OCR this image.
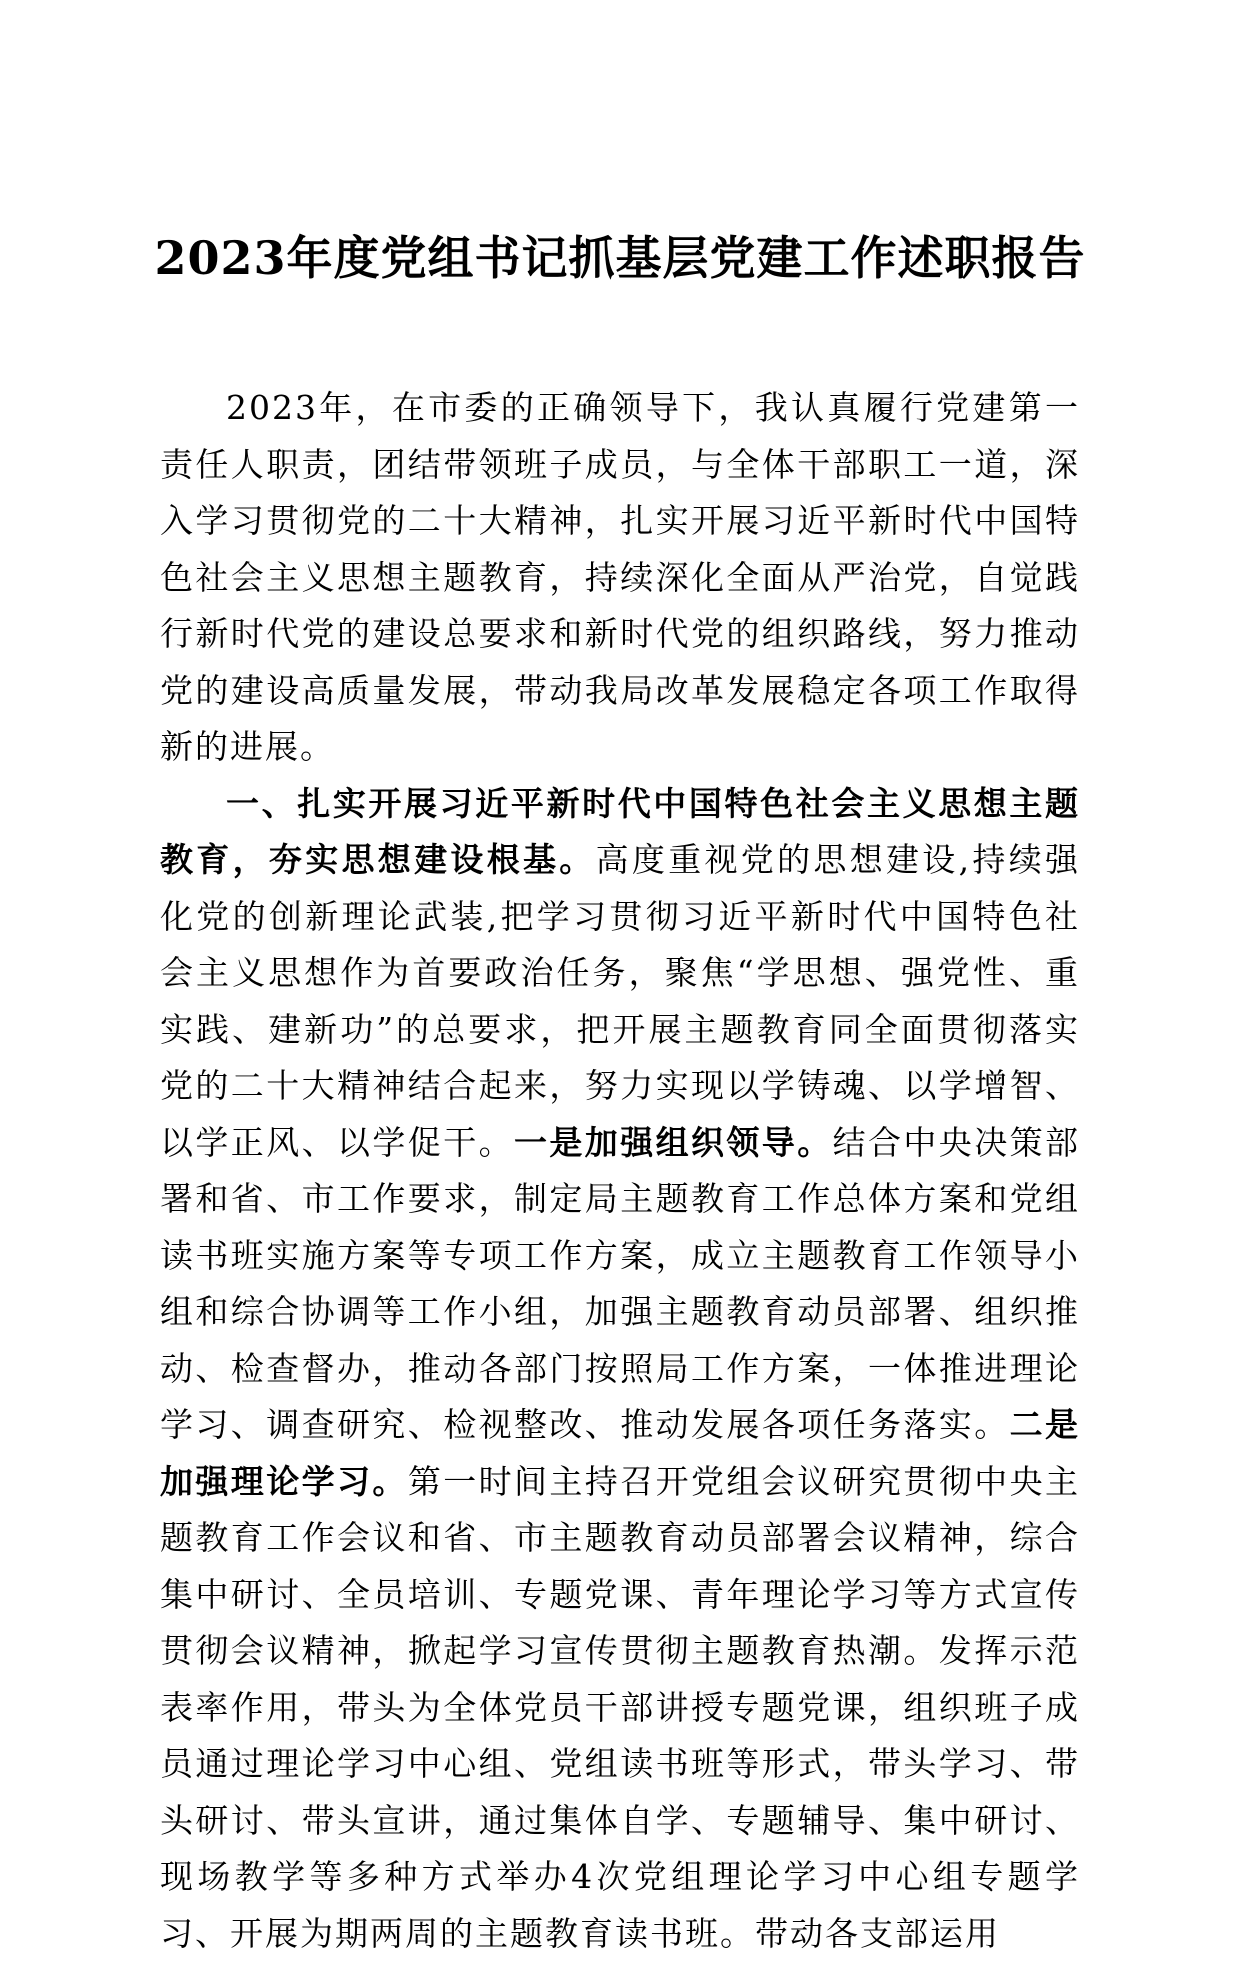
2023年度党组书记抓基层党建工作述职报告

2023年，在市委的正确领导下，我认真履行党建第一责任人职责，团结带领班子成员，与全体干部职工一道，深入学习贯彻党的二十大精神，扎实开展习近平新时代中国特色社会主义思想主题教育，持续深化全面从严治党，自觉践行新时代党的建设总要求和新时代党的组织路线，努力推动党的建设高质量发展，带动我局改革发展稳定各项工作取得新的进展。

一、扎实开展习近平新时代中国特色社会主义思想主题教育，夯实思想建设根基。高度重视党的思想建设,持续强化党的创新理论武装,把学习贯彻习近平新时代中国特色社会主义思想作为首要政治任务，聚焦“学思想、强党性、重实践、建新功”的总要求，把开展主题教育同全面贯彻落实党的二十大精神结合起来，努力实现以学铸魂、以学增智、以学正风、以学促干。一是加强组织领导。结合中央决策部署和省、市工作要求，制定局主题教育工作总体方案和党组读书班实施方案等专项工作方案，成立主题教育工作领导小组和综合协调等工作小组，加强主题教育动员部署、组织推动、检查督办，推动各部门按照局工作方案，一体推进理论学习、调查研究、检视整改、推动发展各项任务落实。二是加强理论学习。第一时间主持召开党组会议研究贯彻中央主题教育工作会议和省、市主题教育动员部署会议精神，综合集中研讨、全员培训、专题党课、青年理论学习等方式宣传贯彻会议精神，掀起学习宣传贯彻主题教育热潮。发挥示范表率作用，带头为全体党员干部讲授专题党课，组织班子成员通过理论学习中心组、党组读书班等形式，带头学习、带头研讨、带头宣讲，通过集体自学、专题辅导、集中研讨、现场教学等多种方式举办4次党组理论学习中心组专题学习、开展为期两周的主题教育读书班。带动各支部运用
